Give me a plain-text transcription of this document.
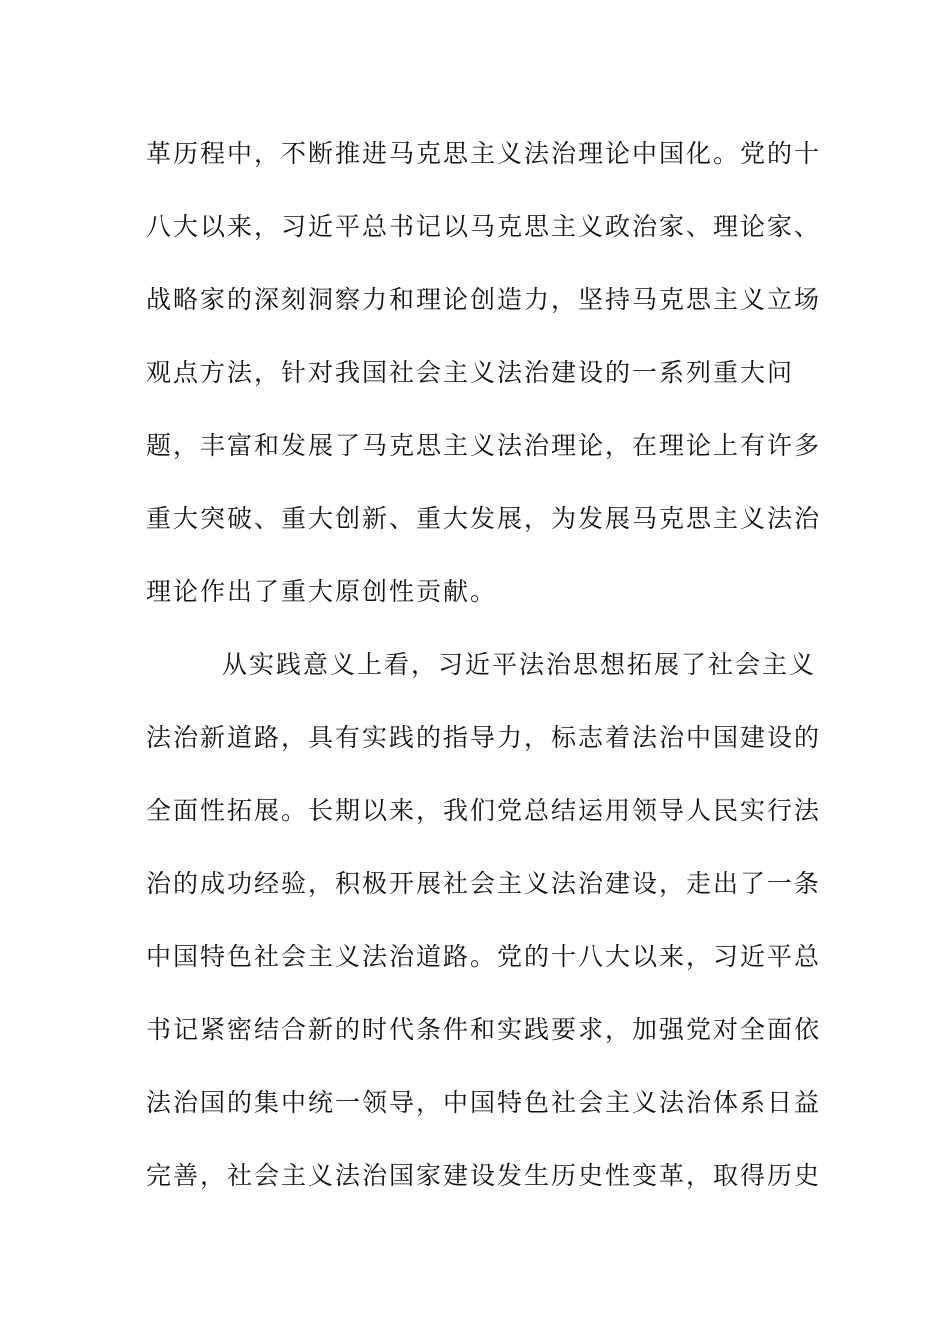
革历程中，不断推进马克思主义法治理论中国化。党的十
八大以来，习近平总书记以马克思主义政治家、理论家、
战略家的深刻洞察力和理论创造力，坚持马克思主义立场
观点方法，针对我国社会主义法治建设的一系列重大问
题，丰富和发展了马克思主义法治理论，在理论上有许多
重大突破、重大创新、重大发展，为发展马克思主义法治
理论作出了重大原创性贡献。
从实践意义上看，习近平法治思想拓展了社会主义
法治新道路，具有实践的指导力，标志着法治中国建设的
全面性拓展。长期以来，我们党总结运用领导人民实行法
治的成功经验，积极开展社会主义法治建设，走出了一条
中国特色社会主义法治道路。党的十八大以来，习近平总
书记紧密结合新的时代条件和实践要求，加强党对全面依
法治国的集中统一领导，中国特色社会主义法治体系日益
完善，社会主义法治国家建设发生历史性变革，取得历史
